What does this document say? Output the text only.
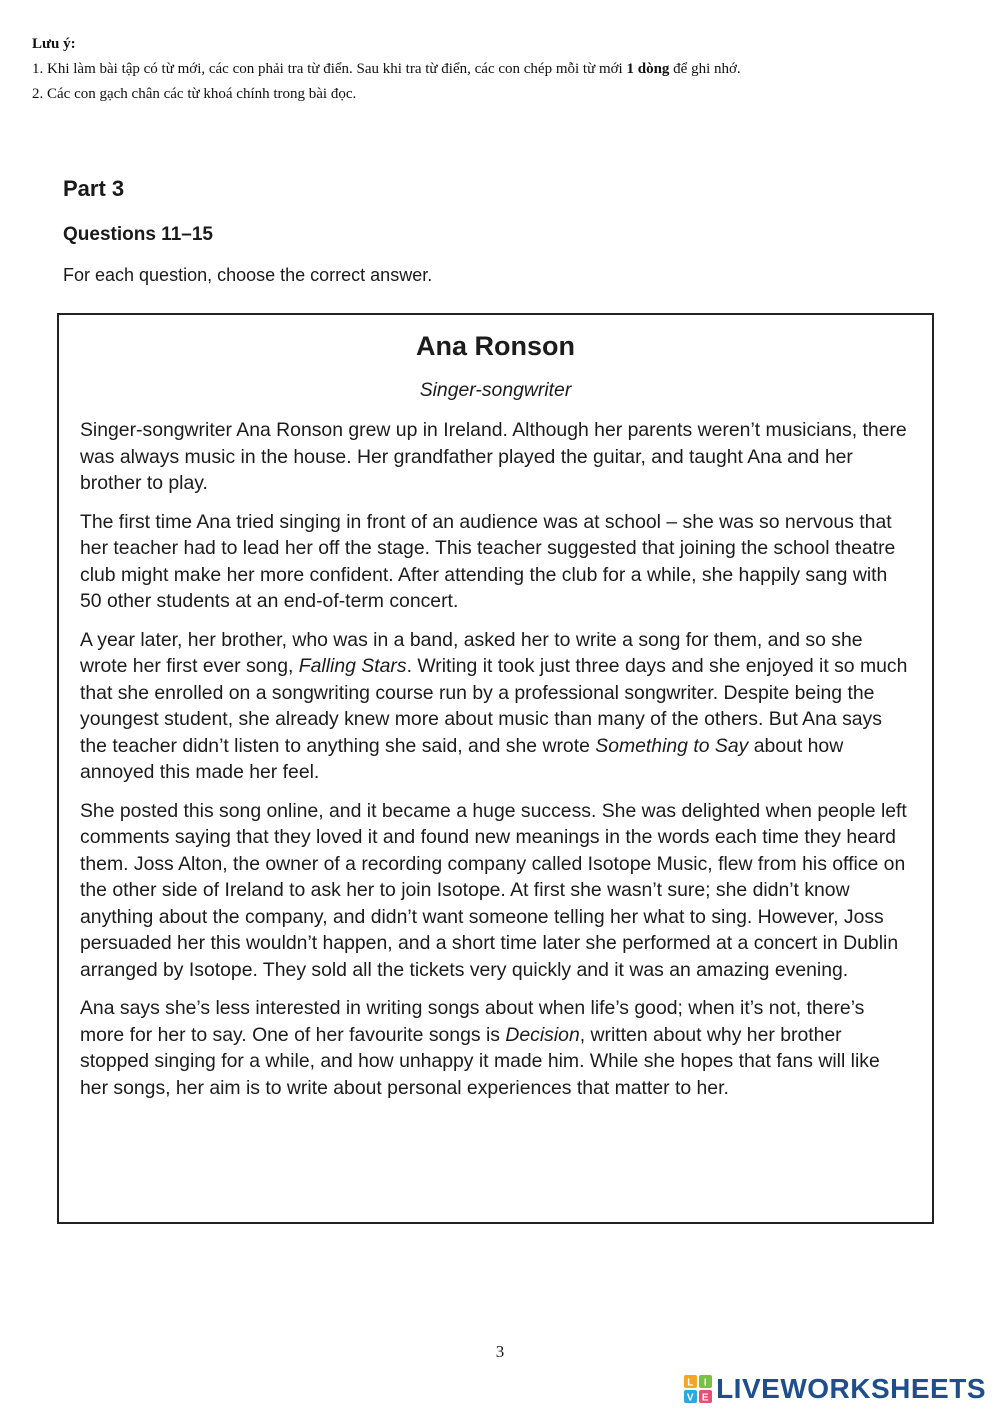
Lưu ý:
1. Khi làm bài tập có từ mới, các con phải tra từ điển. Sau khi tra từ điển, các con chép mỗi từ mới 1 dòng để ghi nhớ.
2. Các con gạch chân các từ khoá chính trong bài đọc.
Part 3
Questions 11–15
For each question, choose the correct answer.
Ana Ronson
Singer-songwriter

Singer-songwriter Ana Ronson grew up in Ireland. Although her parents weren’t musicians, there was always music in the house. Her grandfather played the guitar, and taught Ana and her brother to play.

The first time Ana tried singing in front of an audience was at school – she was so nervous that her teacher had to lead her off the stage. This teacher suggested that joining the school theatre club might make her more confident. After attending the club for a while, she happily sang with 50 other students at an end-of-term concert.

A year later, her brother, who was in a band, asked her to write a song for them, and so she wrote her first ever song, Falling Stars. Writing it took just three days and she enjoyed it so much that she enrolled on a songwriting course run by a professional songwriter. Despite being the youngest student, she already knew more about music than many of the others. But Ana says the teacher didn’t listen to anything she said, and she wrote Something to Say about how annoyed this made her feel.

She posted this song online, and it became a huge success. She was delighted when people left comments saying that they loved it and found new meanings in the words each time they heard them. Joss Alton, the owner of a recording company called Isotope Music, flew from his office on the other side of Ireland to ask her to join Isotope. At first she wasn’t sure; she didn’t know anything about the company, and didn’t want someone telling her what to sing. However, Joss persuaded her this wouldn’t happen, and a short time later she performed at a concert in Dublin arranged by Isotope. They sold all the tickets very quickly and it was an amazing evening.

Ana says she’s less interested in writing songs about when life’s good; when it’s not, there’s more for her to say. One of her favourite songs is Decision, written about why her brother stopped singing for a while, and how unhappy it made him. While she hopes that fans will like her songs, her aim is to write about personal experiences that matter to her.

3
L I
V E LIVEWORKSHEETS
